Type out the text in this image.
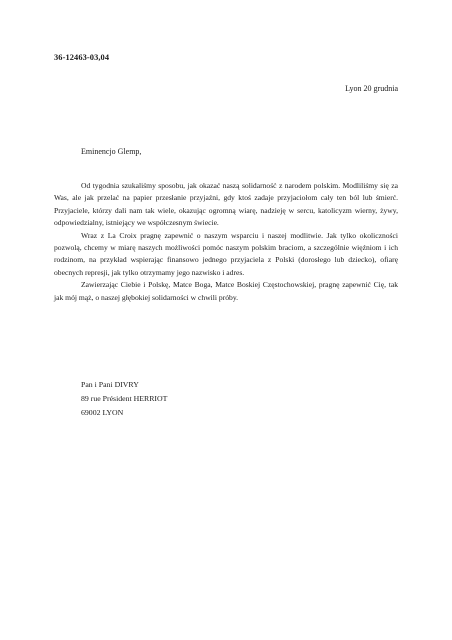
36-12463-03,04
Lyon 20 grudnia
Eminencjo Glemp,

Od tygodnia szukaliśmy sposobu, jak okazać naszą solidarność z narodem polskim. Modliliśmy się za Was, ale jak przelać na papier przesłanie przyjaźni, gdy ktoś zadaje przyjaciołom cały ten ból lub śmierć. Przyjaciele, którzy dali nam tak wiele, okazując ogromną wiarę, nadzieję w sercu, katolicyzm wierny, żywy, odpowiedzialny, istniejący we współczesnym świecie.

Wraz z La Croix pragnę zapewnić o naszym wsparciu i naszej modlitwie. Jak tylko okoliczności pozwolą, chcemy w miarę naszych możliwości pomóc naszym polskim braciom, a szczególnie więźniom i ich rodzinom, na przykład wspierając finansowo jednego przyjaciela z Polski (dorosłego lub dziecko), ofiarę obecnych represji, jak tylko otrzymamy jego nazwisko i adres.

Zawierzając Ciebie i Polskę, Matce Boga, Matce Boskiej Częstochowskiej, pragnę zapewnić Cię, tak jak mój mąż, o naszej głębokiej solidarności w chwili próby.

Pan i Pani DIVRY
89 rue Président HERRIOT
69002 LYON
